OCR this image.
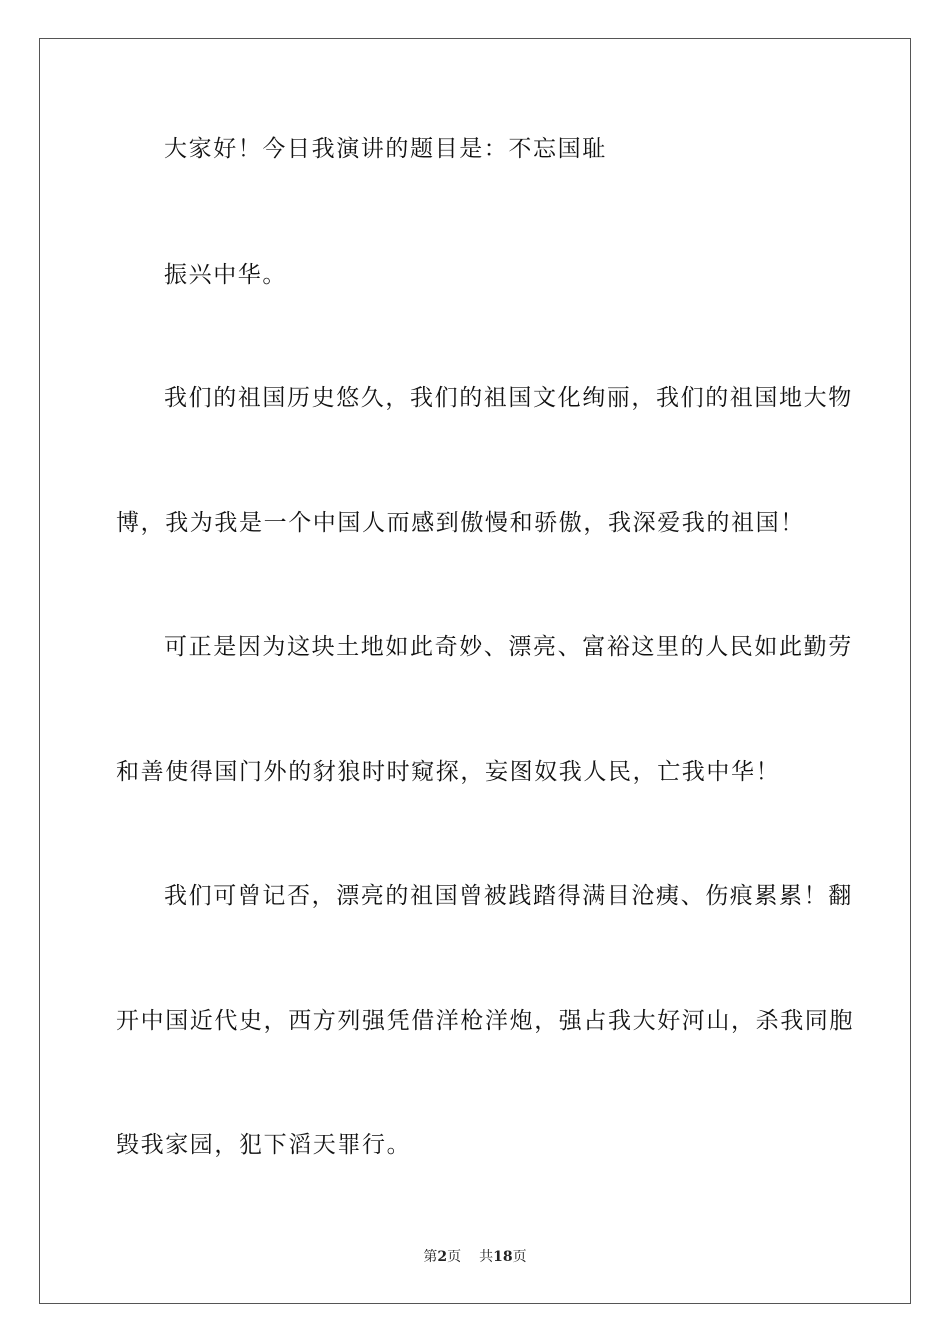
大家好！今日我演讲的题目是：不忘国耻
振兴中华。
我们的祖国历史悠久，我们的祖国文化绚丽，我们的祖国地大物
博，我为我是一个中国人而感到傲慢和骄傲，我深爱我的祖国！
可正是因为这块土地如此奇妙、漂亮、富裕这里的人民如此勤劳
和善使得国门外的豺狼时时窥探，妄图奴我人民，亡我中华！
我们可曾记否，漂亮的祖国曾被践踏得满目沧痍、伤痕累累！翻
开中国近代史，西方列强凭借洋枪洋炮，强占我大好河山，杀我同胞
毁我家园，犯下滔天罪行。
第2页 共18页
